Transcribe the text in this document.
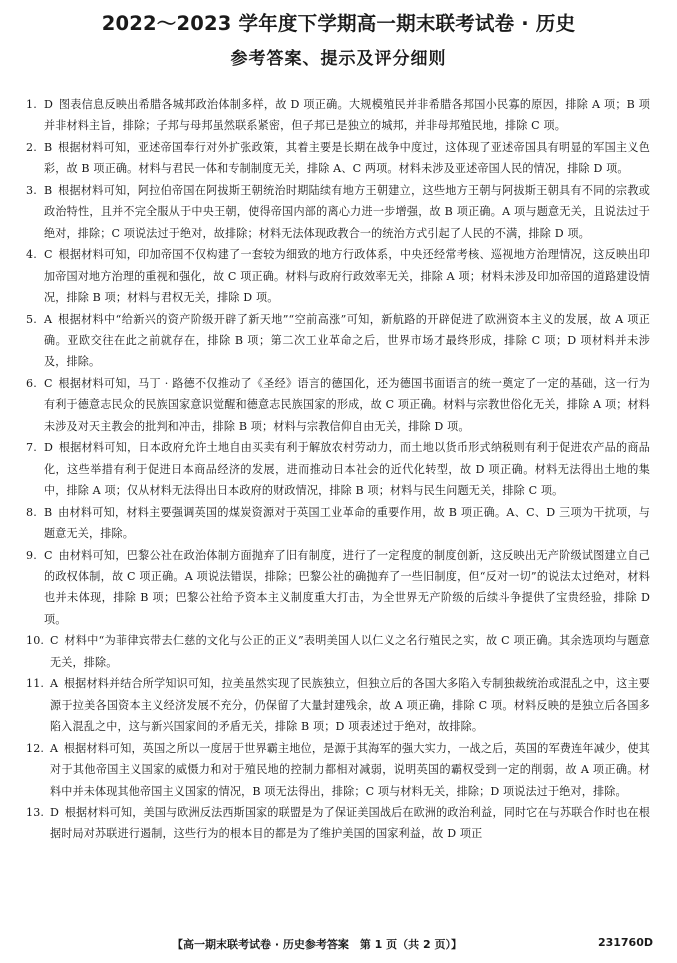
2022～2023 学年度下学期高一期末联考试卷 · 历史
参考答案、提示及评分细则
1. D  图表信息反映出希腊各城邦政治体制多样，故 D 项正确。大规模殖民并非希腊各邦国小民寡的原因，排除 A 项；B 项并非材料主旨，排除；子邦与母邦虽然联系紧密，但子邦已是独立的城邦，并非母邦殖民地，排除 C 项。
2. B  根据材料可知，亚述帝国奉行对外扩张政策，其着主要是长期在战争中度过，这体现了亚述帝国具有明显的军国主义色彩，故 B 项正确。材料与君民一体和专制制度无关，排除 A、C 两项。材料未涉及亚述帝国人民的情况，排除 D 项。
3. B  根据材料可知，阿拉伯帝国在阿拔斯王朝统治时期陆续有地方王朝建立，这些地方王朝与阿拔斯王朝具有不同的宗教或政治特性，且并不完全服从于中央王朝，使得帝国内部的离心力进一步增强，故 B 项正确。A 项与题意无关，且说法过于绝对，排除；C 项说法过于绝对，故排除；材料无法体现政教合一的统治方式引起了人民的不满，排除 D 项。
4. C  根据材料可知，印加帝国不仅构建了一套较为细致的地方行政体系，中央还经常考核、巡视地方治理情况，这反映出印加帝国对地方治理的重视和强化，故 C 项正确。材料与政府行政效率无关，排除 A 项；材料未涉及印加帝国的道路建设情况，排除 B 项；材料与君权无关，排除 D 项。
5. A  根据材料中“给新兴的资产阶级开辟了新天地”“空前高涨”可知，新航路的开辟促进了欧洲资本主义的发展，故 A 项正确。亚欧交往在此之前就存在，排除 B 项；第二次工业革命之后，世界市场才最终形成，排除 C 项；D 项材料并未涉及，排除。
6. C  根据材料可知，马丁 · 路德不仅推动了《圣经》语言的德国化，还为德国书面语言的统一奠定了一定的基础，这一行为有利于德意志民众的民族国家意识觉醒和德意志民族国家的形成，故 C 项正确。材料与宗教世俗化无关，排除 A 项；材料未涉及对天主教会的批判和冲击，排除 B 项；材料与宗教信仰自由无关，排除 D 项。
7. D  根据材料可知，日本政府允许土地自由买卖有利于解放农村劳动力，而土地以货币形式纳税则有利于促进农产品的商品化，这些举措有利于促进日本商品经济的发展，进而推动日本社会的近代化转型，故 D 项正确。材料无法得出土地的集中，排除 A 项；仅从材料无法得出日本政府的财政情况，排除 B 项；材料与民生问题无关，排除 C 项。
8. B  由材料可知，材料主要强调英国的煤炭资源对于英国工业革命的重要作用，故 B 项正确。A、C、D 三项为干扰项，与题意无关，排除。
9. C  由材料可知，巴黎公社在政治体制方面抛弃了旧有制度，进行了一定程度的制度创新，这反映出无产阶级试图建立自己的政权体制，故 C 项正确。A 项说法错误，排除；巴黎公社的确抛弃了一些旧制度，但“反对一切”的说法太过绝对，材料也并未体现，排除 B 项；巴黎公社给予资本主义制度重大打击，为全世界无产阶级的后续斗争提供了宝贵经验，排除 D 项。
10. C  材料中“为菲律宾带去仁慈的文化与公正的正义”表明美国人以仁义之名行殖民之实，故 C 项正确。其余选项均与题意无关，排除。
11. A  根据材料并结合所学知识可知，拉美虽然实现了民族独立，但独立后的各国大多陷入专制独裁统治或混乱之中，这主要源于拉美各国资本主义经济发展不充分，仍保留了大量封建残余，故 A 项正确，排除 C 项。材料反映的是独立后各国多陷入混乱之中，这与新兴国家间的矛盾无关，排除 B 项；D 项表述过于绝对，故排除。
12. A  根据材料可知，英国之所以一度居于世界霸主地位，是源于其海军的强大实力，一战之后，英国的军费连年减少，使其对于其他帝国主义国家的威慑力和对于殖民地的控制力都相对减弱，说明英国的霸权受到一定的削弱，故 A 项正确。材料中并未体现其他帝国主义国家的情况，B 项无法得出，排除；C 项与材料无关，排除；D 项说法过于绝对，排除。
13. D  根据材料可知，美国与欧洲反法西斯国家的联盟是为了保证美国战后在欧洲的政治利益，同时它在与苏联合作时也在根据时局对苏联进行遏制，这些行为的根本目的都是为了维护美国的国家利益，故 D 项正
【高一期末联考试卷 · 历史参考答案　第 1 页（共 2 页）】	231760D
